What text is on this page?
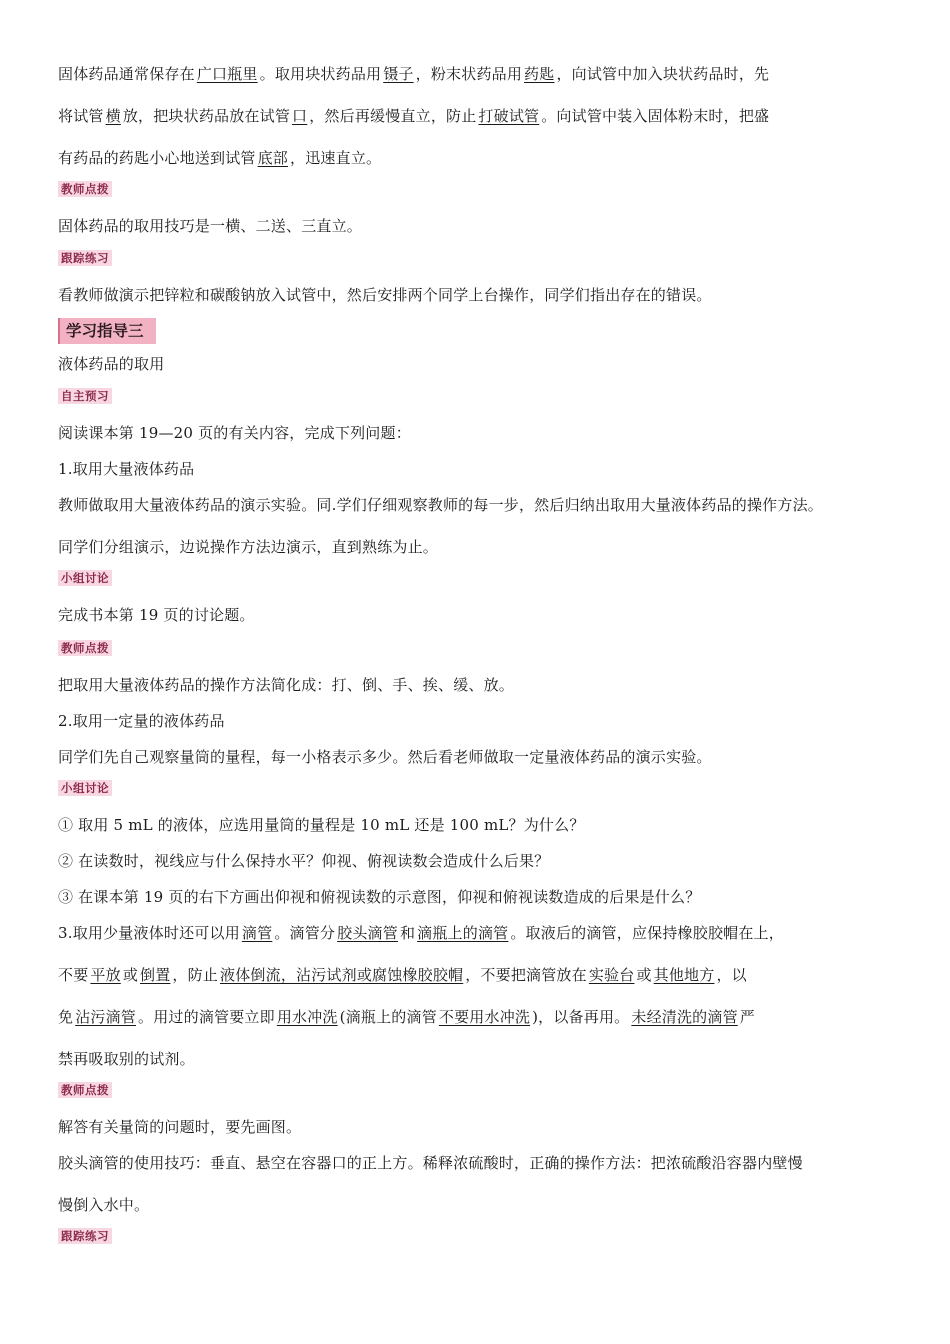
固体药品通常保存在 广口瓶里 。取用块状药品用 镊子 ，粉末状药品用 药匙 ，向试管中加入块状药品时，先
将试管 横 放，把块状药品放在试管 口 ，然后再缓慢直立，防止 打破试管 。向试管中装入固体粉末时，把盛
有药品的药匙小心地送到试管 底部 ，迅速直立。
教师点拨
固体药品的取用技巧是一横、二送、三直立。
跟踪练习
看教师做演示把锌粒和碳酸钠放入试管中，然后安排两个同学上台操作，同学们指出存在的错误。
学习指导三
液体药品的取用
自主预习
阅读课本第 19—20 页的有关内容，完成下列问题：
1.取用大量液体药品
教师做取用大量液体药品的演示实验。同.学们仔细观察教师的每一步，然后归纳出取用大量液体药品的操作方法。
同学们分组演示，边说操作方法边演示，直到熟练为止。
小组讨论
完成书本第 19 页的讨论题。
教师点拨
把取用大量液体药品的操作方法简化成：打、倒、手、挨、缓、放。
2.取用一定量的液体药品
同学们先自己观察量筒的量程，每一小格表示多少。然后看老师做取一定量液体药品的演示实验。
小组讨论
① 取用 5 mL 的液体，应选用量筒的量程是 10 mL 还是 100 mL？为什么？
② 在读数时，视线应与什么保持水平？仰视、俯视读数会造成什么后果？
③ 在课本第 19 页的右下方画出仰视和俯视读数的示意图，仰视和俯视读数造成的后果是什么？
3.取用少量液体时还可以用 滴管 。滴管分 胶头滴管 和 滴瓶上的滴管 。取液后的滴管，应保持橡胶胶帽在上，
不要 平放 或 倒置 ，防止 液体倒流，沾污试剂或腐蚀橡胶胶帽 ，不要把滴管放在 实验台 或 其他地方 ，以
免 沾污滴管 。用过的滴管要立即 用水冲洗 (滴瓶上的滴管 不要用水冲洗 )，以备再用。 未经清洗的滴管 严
禁再吸取别的试剂。
教师点拨
解答有关量筒的问题时，要先画图。
胶头滴管的使用技巧：垂直、悬空在容器口的正上方。稀释浓硫酸时，正确的操作方法：把浓硫酸沿容器内壁慢
慢倒入水中。
跟踪练习
